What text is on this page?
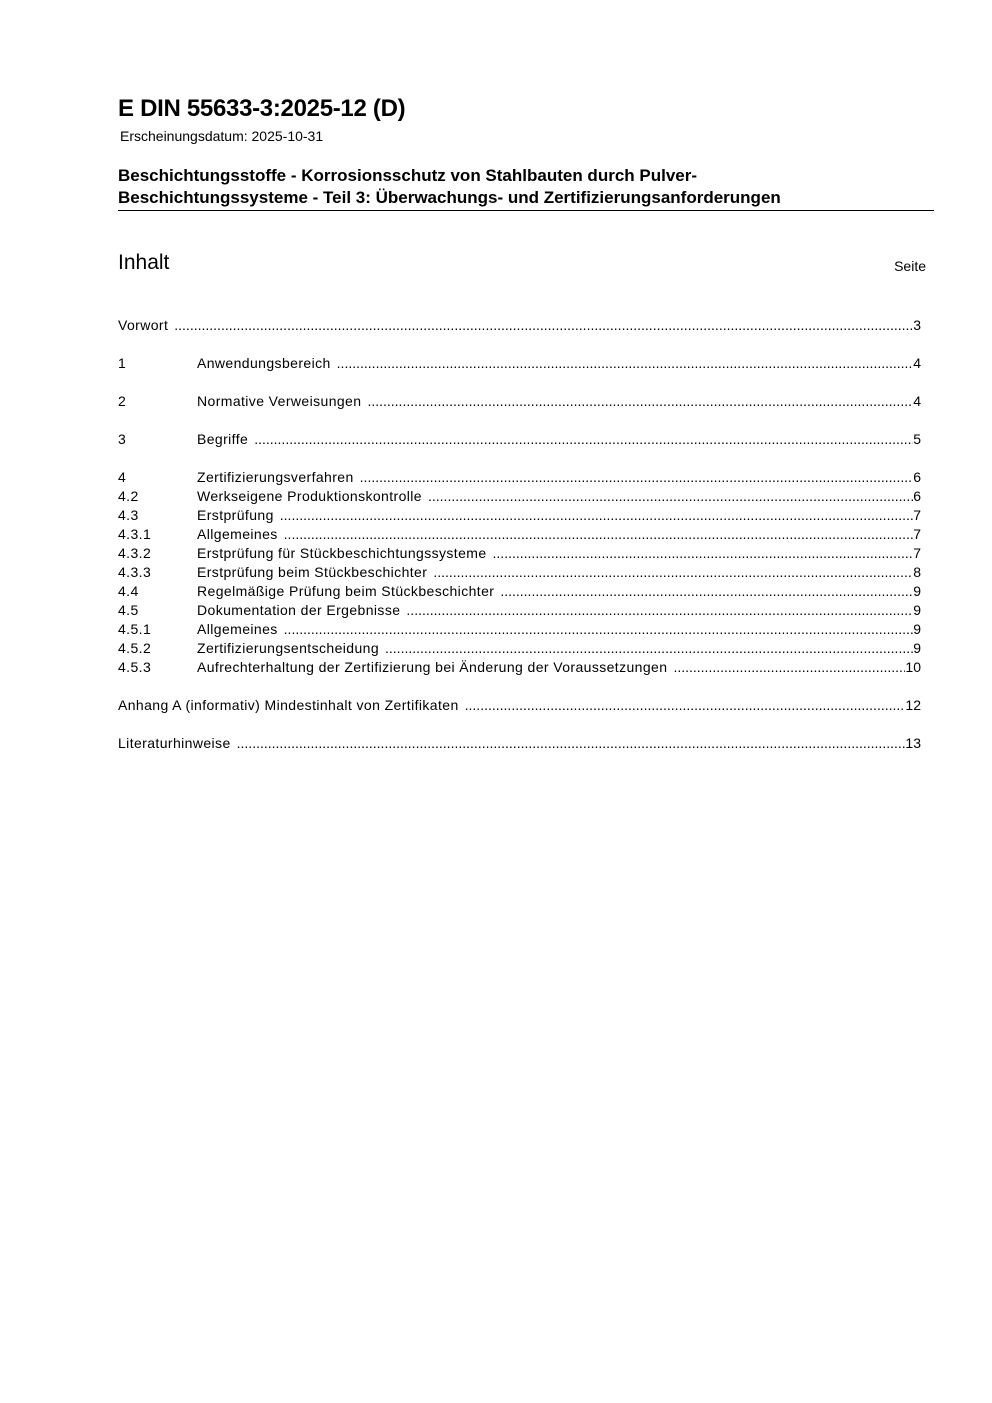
E DIN 55633-3:2025-12 (D)
Erscheinungsdatum: 2025-10-31
Beschichtungsstoffe - Korrosionsschutz von Stahlbauten durch Pulver-
Beschichtungssysteme - Teil 3: Überwachungs- und Zertifizierungsanforderungen
Inhalt	Seite
Vorwort .....	3
1	Anwendungsbereich .....	4
2	Normative Verweisungen .....	4
3	Begriffe .....	5
4	Zertifizierungsverfahren .....	6
4.2	Werkseigene Produktionskontrolle .....	6
4.3	Erstprüfung .....	7
4.3.1	Allgemeines .....	7
4.3.2	Erstprüfung für Stückbeschichtungssysteme .....	7
4.3.3	Erstprüfung beim Stückbeschichter .....	8
4.4	Regelmäßige Prüfung beim Stückbeschichter .....	9
4.5	Dokumentation der Ergebnisse .....	9
4.5.1	Allgemeines .....	9
4.5.2	Zertifizierungsentscheidung .....	9
4.5.3	Aufrechterhaltung der Zertifizierung bei Änderung der Voraussetzungen .....	10
Anhang A (informativ) Mindestinhalt von Zertifikaten .....	12
Literaturhinweise .....	13
